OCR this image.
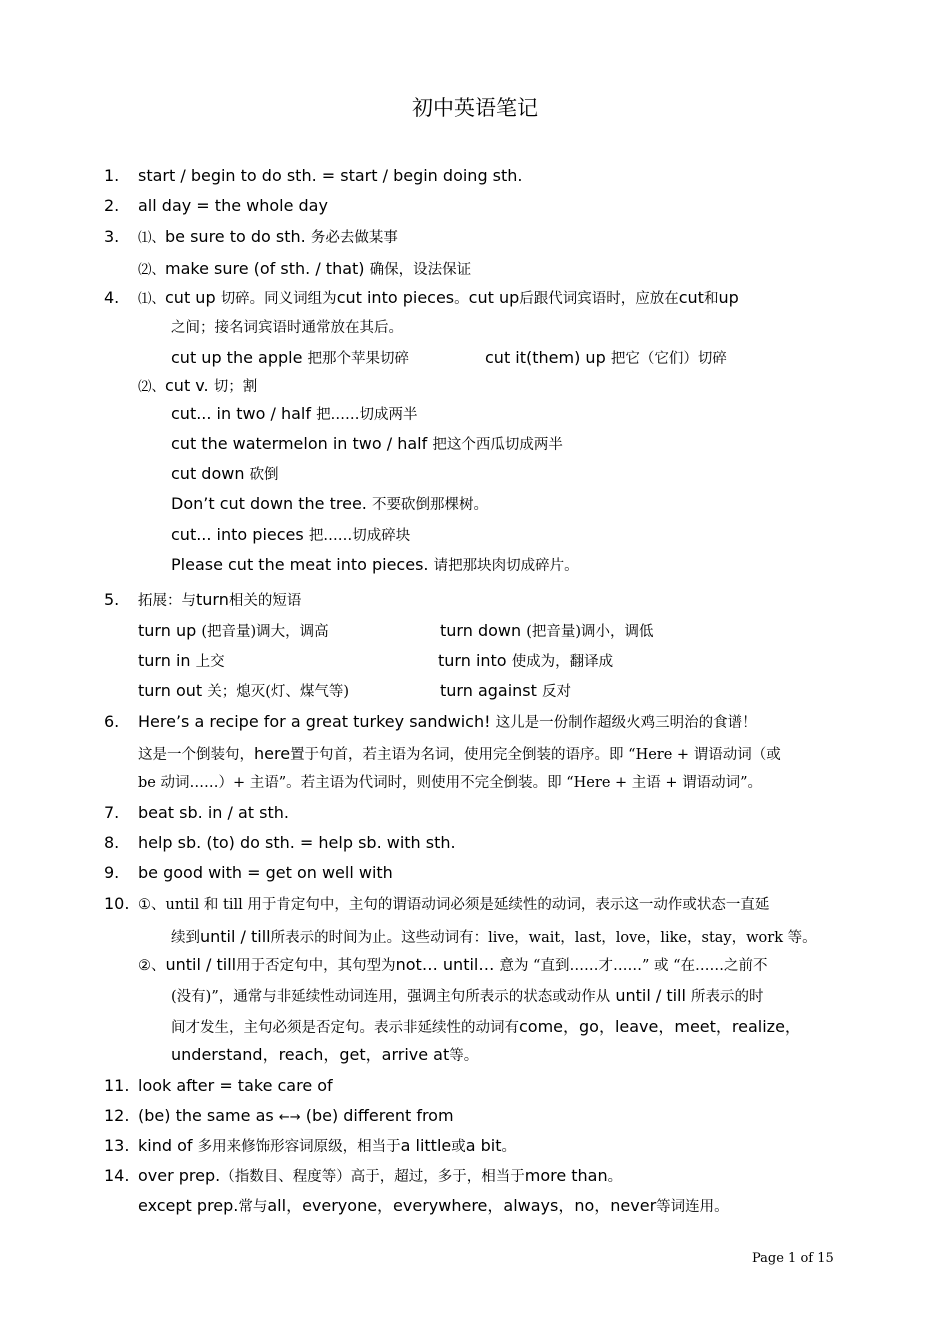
初中英语笔记
1. start / begin to do sth. = start / begin doing sth.
2. all day = the whole day
3. ⑴、be sure to do sth. 务必去做某事
⑵、make sure (of sth. / that) 确保，设法保证
4. ⑴、cut up 切碎。同义词组为cut into pieces。cut up后跟代词宾语时，应放在cut和up
之间；接名词宾语时通常放在其后。
cut up the apple 把那个苹果切碎	cut it(them) up 把它（它们）切碎
⑵、cut v. 切；割
cut... in two / half 把……切成两半
cut the watermelon in two / half 把这个西瓜切成两半
cut down 砍倒
Don’t cut down the tree. 不要砍倒那棵树。
cut... into pieces 把……切成碎块
Please cut the meat into pieces. 请把那块肉切成碎片。
5. 拓展：与turn相关的短语
turn up (把音量)调大，调高	turn down (把音量)调小，调低
turn in 上交	turn into 使成为，翻译成
turn out 关；熄灭(灯、煤气等)	turn against 反对
6. Here’s a recipe for a great turkey sandwich! 这儿是一份制作超级火鸡三明治的食谱！
这是一个倒装句，here置于句首，若主语为名词，使用完全倒装的语序。即 “Here + 谓语动词（或
be 动词……）+ 主语”。若主语为代词时，则使用不完全倒装。即 “Here + 主语 + 谓语动词”。
7. beat sb. in / at sth.
8. help sb. (to) do sth. = help sb. with sth.
9. be good with = get on well with
10. ①、until 和 till 用于肯定句中，主句的谓语动词必须是延续性的动词，表示这一动作或状态一直延
续到until / till所表示的时间为止。这些动词有：live，wait，last，love，like，stay，work 等。
②、until / till用于否定句中，其句型为not… until… 意为 “直到……才……” 或 “在……之前不
(没有)”，通常与非延续性动词连用，强调主句所表示的状态或动作从 until / till 所表示的时
间才发生，主句必须是否定句。表示非延续性的动词有come，go，leave，meet，realize，
understand，reach，get，arrive at等。
11. look after = take care of
12. (be) the same as ←→ (be) different from
13. kind of 多用来修饰形容词原级，相当于a little或a bit。
14. over prep.（指数目、程度等）高于，超过，多于，相当于more than。
except prep.常与all，everyone，everywhere，always，no，never等词连用。
Page 1 of 15
